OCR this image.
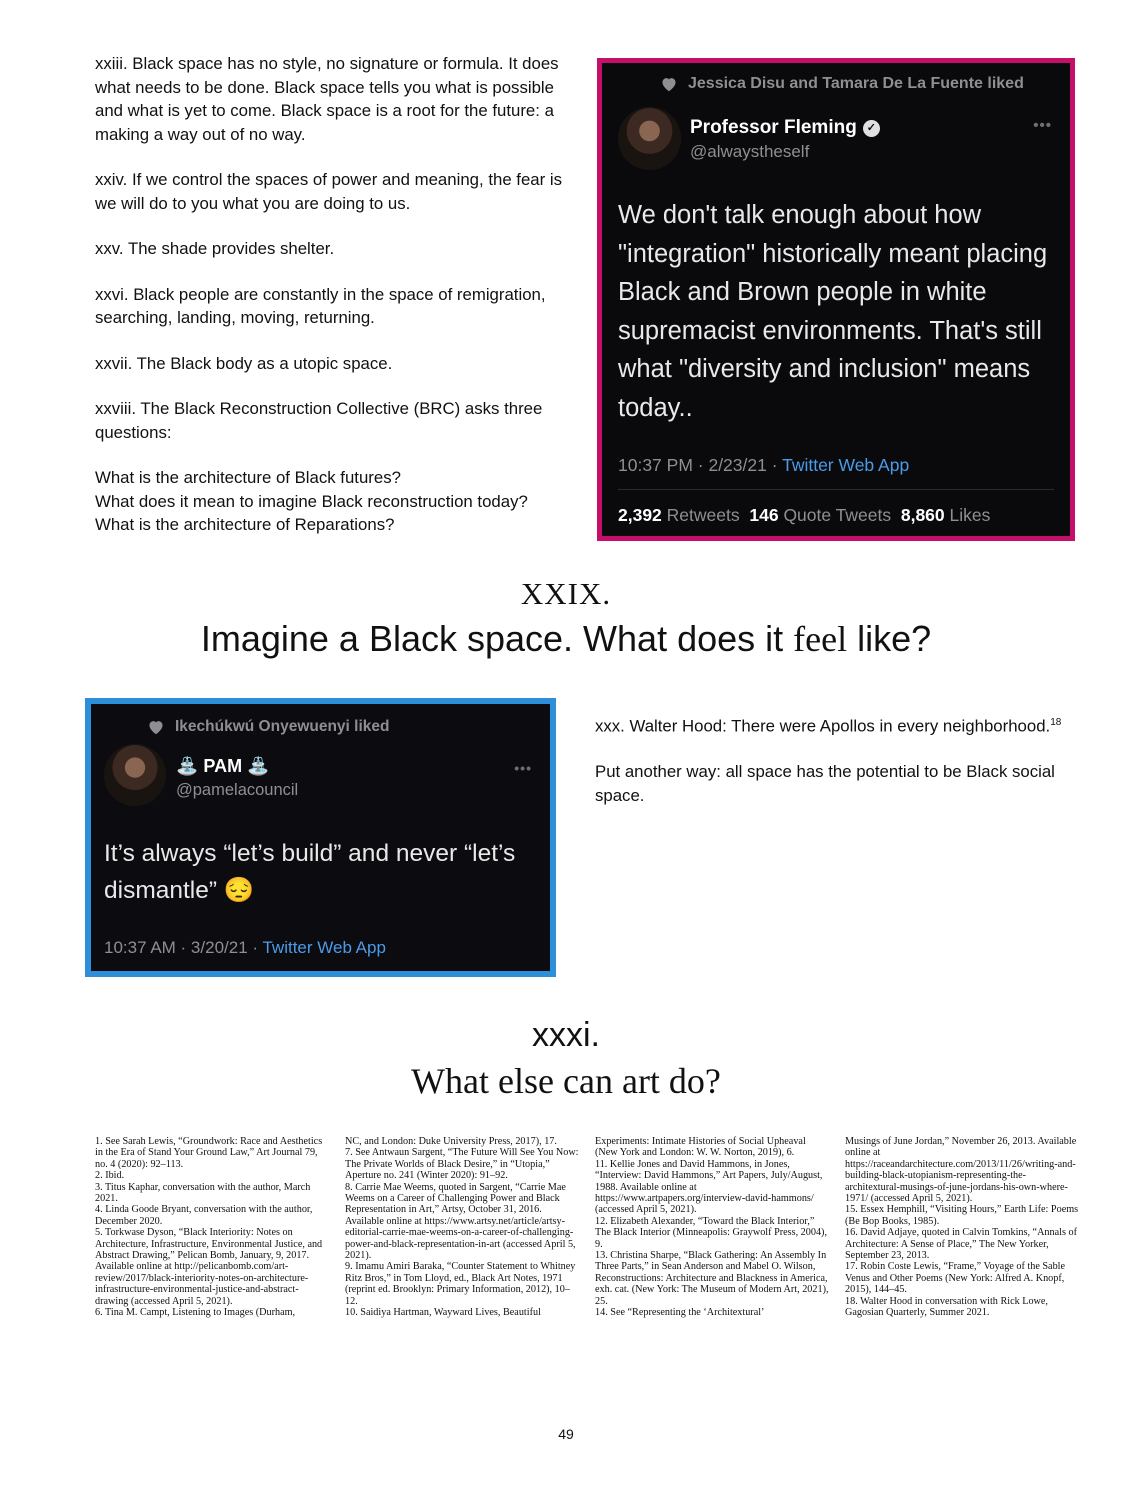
xxiii. Black space has no style, no signature or formula. It does what needs to be done. Black space tells you what is possible and what is yet to come. Black space is a root for the future: a making a way out of no way.

xxiv. If we control the spaces of power and meaning, the fear is we will do to you what you are doing to us.

xxv. The shade provides shelter.

xxvi. Black people are constantly in the space of remigration, searching, landing, moving, returning.

xxvii. The Black body as a utopic space.

xxviii. The Black Reconstruction Collective (BRC) asks three questions:

What is the architecture of Black futures?

What does it mean to imagine Black reconstruction today?

What is the architecture of Reparations?

Jessica Disu and Tamara De La Fuente liked
Professor Fleming ✓
@alwaystheself
•••
We don't talk enough about how "integration" historically meant placing Black and Brown people in white supremacist environments. That's still what "diversity and inclusion" means today..
10:37 PM · 2/23/21 · Twitter Web App
2,392 Retweets 146 Quote Tweets 8,860 Likes
XXIX.
Imagine a Black space. What does it feel like?
Ikechúkwú Onyewuenyi liked
⛲ PAM ⛲
@pamelacouncil
•••
It’s always “let’s build” and never “let’s dismantle” 😔
10:37 AM · 3/20/21 · Twitter Web App

xxx. Walter Hood: There were Apollos in every neighborhood.$^{18}$

Put another way: all space has the potential to be Black social space.

xxxi.
What else can art do?

1. See Sarah Lewis, “Groundwork: Race and Aesthetics in the Era of Stand Your Ground Law,” Art Journal 79, no. 4 (2020): 92–113.

2. Ibid.

3. Titus Kaphar, conversation with the author, March 2021.

4. Linda Goode Bryant, conversation with the author, December 2020.

5. Torkwase Dyson, “Black Interiority: Notes on Architecture, Infrastructure, Environmental Justice, and Abstract Drawing,” Pelican Bomb, January, 9, 2017. Available online at http://pelicanbomb.com/art-review/2017/black-interiority-notes-on-architecture-infrastructure-environmental-justice-and-abstract-drawing (accessed April 5, 2021).

6. Tina M. Campt, Listening to Images (Durham,

NC, and London: Duke University Press, 2017), 17.

7. See Antwaun Sargent, “The Future Will See You Now: The Private Worlds of Black Desire,” in “Utopia,” Aperture no. 241 (Winter 2020): 91–92.

8. Carrie Mae Weems, quoted in Sargent, “Carrie Mae Weems on a Career of Challenging Power and Black Representation in Art,” Artsy, October 31, 2016. Available online at https://www.artsy.net/article/artsy-editorial-carrie-mae-weems-on-a-career-of-challenging-power-and-black-representation-in-art (accessed April 5, 2021).

9. Imamu Amiri Baraka, “Counter Statement to Whitney Ritz Bros,” in Tom Lloyd, ed., Black Art Notes, 1971 (reprint ed. Brooklyn: Primary Information, 2012), 10–12.

10. Saidiya Hartman, Wayward Lives, Beautiful

Experiments: Intimate Histories of Social Upheaval (New York and London: W. W. Norton, 2019), 6.

11. Kellie Jones and David Hammons, in Jones, “Interview: David Hammons,” Art Papers, July/August, 1988. Available online at https://www.artpapers.org/interview-david-hammons/ (accessed April 5, 2021).

12. Elizabeth Alexander, “Toward the Black Interior,” The Black Interior (Minneapolis: Graywolf Press, 2004), 9.

13. Christina Sharpe, “Black Gathering: An Assembly In Three Parts,” in Sean Anderson and Mabel O. Wilson, Reconstructions: Architecture and Blackness in America, exh. cat. (New York: The Museum of Modern Art, 2021), 25.

14. See “Representing the ‘Architextural’

Musings of June Jordan,” November 26, 2013. Available online at https://raceandarchitecture.com/2013/11/26/writing-and-building-black-utopianism-representing-the-architextural-musings-of-june-jordans-his-own-where-1971/ (accessed April 5, 2021).

15. Essex Hemphill, “Visiting Hours,” Earth Life: Poems (Be Bop Books, 1985).

16. David Adjaye, quoted in Calvin Tomkins, “Annals of Architecture: A Sense of Place,” The New Yorker, September 23, 2013.

17. Robin Coste Lewis, “Frame,” Voyage of the Sable Venus and Other Poems (New York: Alfred A. Knopf, 2015), 144–45.

18. Walter Hood in conversation with Rick Lowe, Gagosian Quarterly, Summer 2021.

49
